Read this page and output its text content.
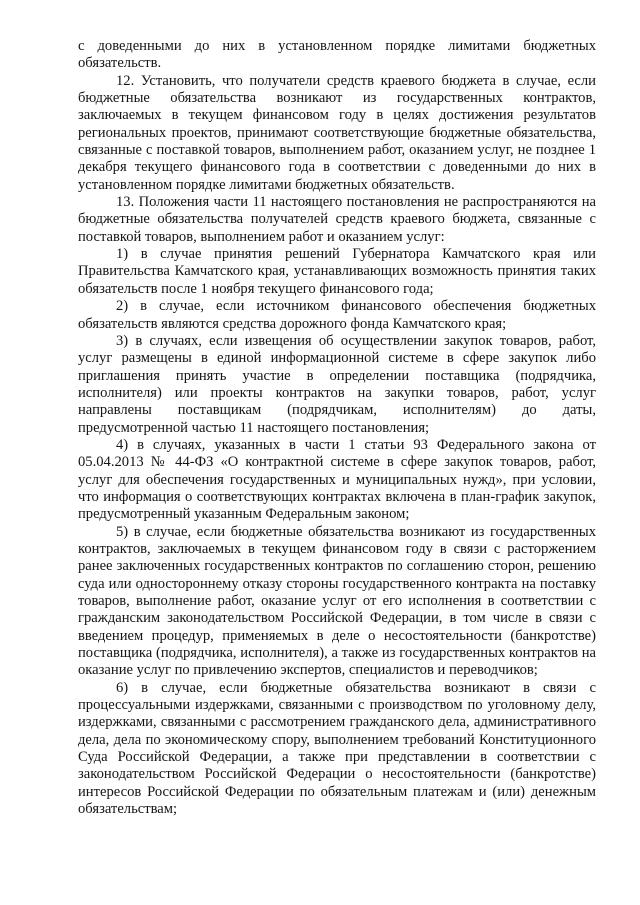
с доведенными до них в установленном порядке лимитами бюджетных обязательств.

12. Установить, что получатели средств краевого бюджета в случае, если бюджетные обязательства возникают из государственных контрактов, заключаемых в текущем финансовом году в целях достижения результатов региональных проектов, принимают соответствующие бюджетные обязательства, связанные с поставкой товаров, выполнением работ, оказанием услуг, не позднее 1 декабря текущего финансового года в соответствии с доведенными до них в установленном порядке лимитами бюджетных обязательств.

13. Положения части 11 настоящего постановления не распространяются на бюджетные обязательства получателей средств краевого бюджета, связанные с поставкой товаров, выполнением работ и оказанием услуг:

1) в случае принятия решений Губернатора Камчатского края или Правительства Камчатского края, устанавливающих возможность принятия таких обязательств после 1 ноября текущего финансового года;

2) в случае, если источником финансового обеспечения бюджетных обязательств являются средства дорожного фонда Камчатского края;

3) в случаях, если извещения об осуществлении закупок товаров, работ, услуг размещены в единой информационной системе в сфере закупок либо приглашения принять участие в определении поставщика (подрядчика, исполнителя) или проекты контрактов на закупки товаров, работ, услуг направлены поставщикам (подрядчикам, исполнителям) до даты, предусмотренной частью 11 настоящего постановления;

4) в случаях, указанных в части 1 статьи 93 Федерального закона от 05.04.2013 № 44-ФЗ «О контрактной системе в сфере закупок товаров, работ, услуг для обеспечения государственных и муниципальных нужд», при условии, что информация о соответствующих контрактах включена в план-график закупок, предусмотренный указанным Федеральным законом;

5) в случае, если бюджетные обязательства возникают из государственных контрактов, заключаемых в текущем финансовом году в связи с расторжением ранее заключенных государственных контрактов по соглашению сторон, решению суда или одностороннему отказу стороны государственного контракта на поставку товаров, выполнение работ, оказание услуг от его исполнения в соответствии с гражданским законодательством Российской Федерации, в том числе в связи с введением процедур, применяемых в деле о несостоятельности (банкротстве) поставщика (подрядчика, исполнителя), а также из государственных контрактов на оказание услуг по привлечению экспертов, специалистов и переводчиков;

6) в случае, если бюджетные обязательства возникают в связи с процессуальными издержками, связанными с производством по уголовному делу, издержками, связанными с рассмотрением гражданского дела, административного дела, дела по экономическому спору, выполнением требований Конституционного Суда Российской Федерации, а также при представлении в соответствии с законодательством Российской Федерации о несостоятельности (банкротстве) интересов Российской Федерации по обязательным платежам и (или) денежным обязательствам;
